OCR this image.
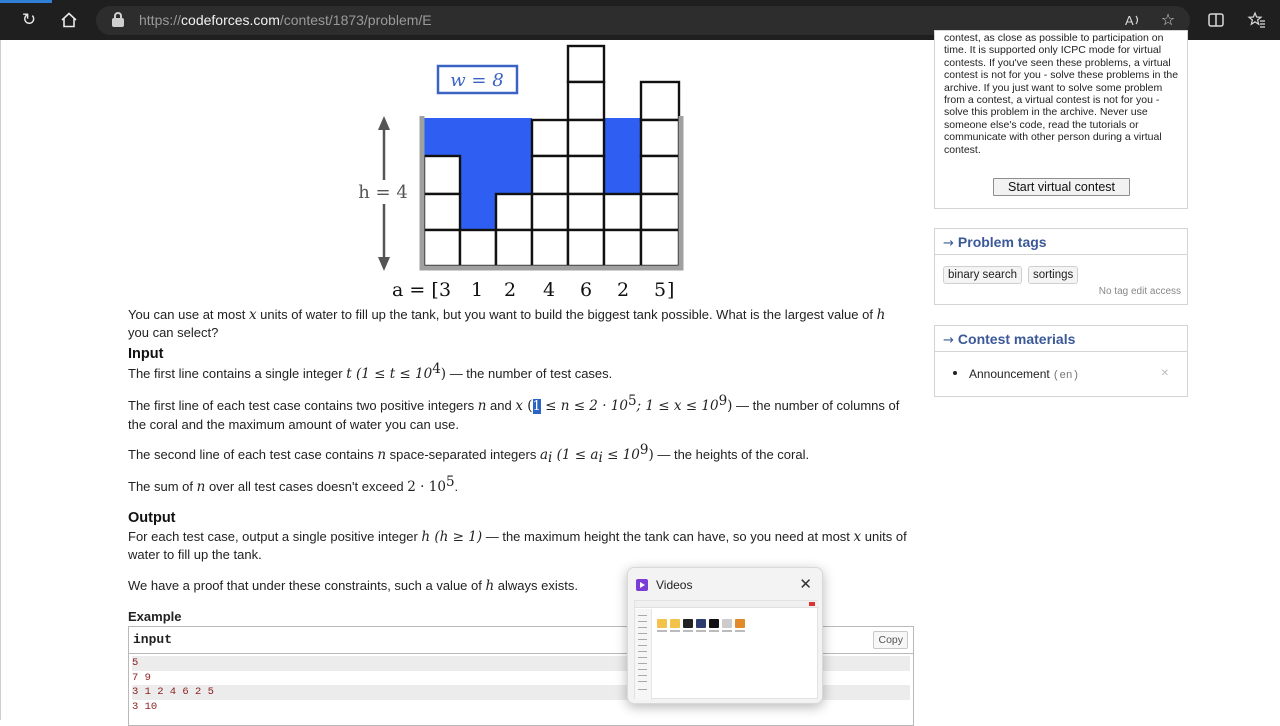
↻	https://codeforces.com/contest/1873/problem/E	A ☆
w = 8
h = 4
a = [ 3 1 2 4 6 2 5 ]

You can use at most x units of water to fill up the tank, but you want to build the biggest tank possible. What is the largest value of h you can select?

Input

The first line contains a single integer t $(1 \le t \le 10^4)$ — the number of test cases.

The first line of each test case contains two positive integers n and x ($1 \le n \le 2 \cdot 10^5$; $1 \le x \le 10^9$) — the number of columns of the coral and the maximum amount of water you can use.

The second line of each test case contains n space-separated integers $a_i$ $(1 \le a_i \le 10^9)$ — the heights of the coral.

The sum of n over all test cases doesn't exceed $2 \cdot 10^5$.

Output

For each test case, output a single positive integer h (h ≥ 1) — the maximum height the tank can have, so you need at most x units of water to fill up the tank.

We have a proof that under these constraints, such a value of h always exists.

Example
input	Copy
5
7 9
3 1 2 4 6 2 5
3 10
contest, as close as possible to participation on time. It is supported only ICPC mode for virtual contests. If you've seen these problems, a virtual contest is not for you - solve these problems in the archive. If you just want to solve some problem from a contest, a virtual contest is not for you - solve this problem in the archive. Never use someone else's code, read the tutorials or communicate with other person during a virtual contest.
Start virtual contest
→ Problem tags
binary search	sortings
No tag edit access
→ Contest materials
Announcement (en)	✕
Videos	✕
